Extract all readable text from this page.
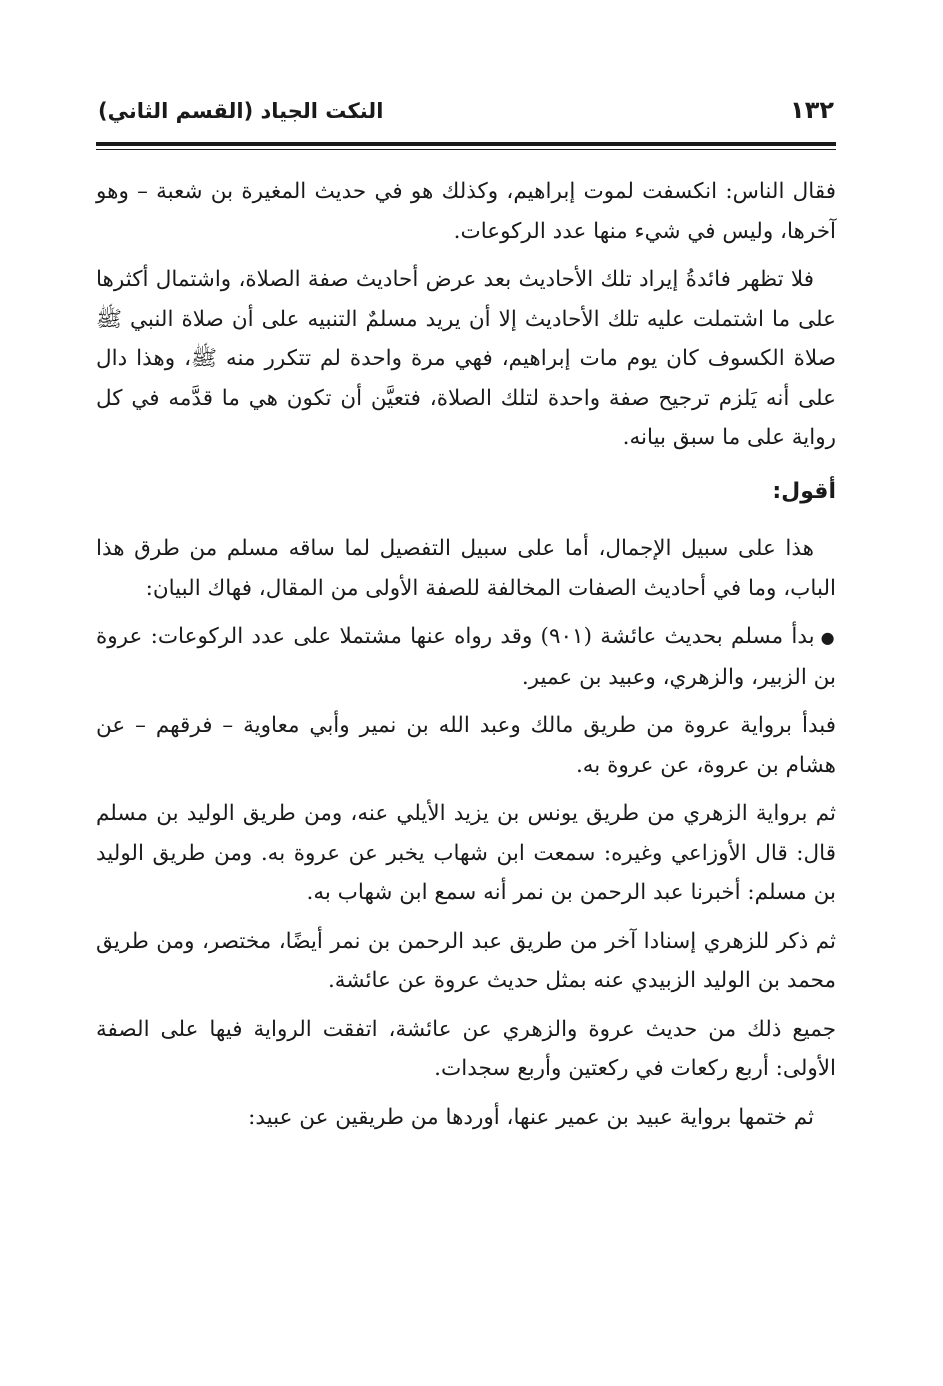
١٣٢
النكت الجياد (القسم الثاني)

فقال الناس: انكسفت لموت إبراهيم، وكذلك هو في حديث المغيرة بن شعبة – وهو آخرها، وليس في شيء منها عدد الركوعات.

فلا تظهر فائدةُ إيراد تلك الأحاديث بعد عرض أحاديث صفة الصلاة، واشتمال أكثرها على ما اشتملت عليه تلك الأحاديث إلا أن يريد مسلمٌ التنبيه على أن صلاة النبي ﷺ صلاة الكسوف كان يوم مات إبراهيم، فهي مرة واحدة لم تتكرر منه ﷺ، وهذا دال على أنه يَلزم ترجيح صفة واحدة لتلك الصلاة، فتعيَّن أن تكون هي ما قدَّمه في كل رواية على ما سبق بيانه.

أقول:

هذا على سبيل الإجمال، أما على سبيل التفصيل لما ساقه مسلم من طرق هذا الباب، وما في أحاديث الصفات المخالفة للصفة الأولى من المقال، فهاك البيان:

●بدأ مسلم بحديث عائشة (٩٠١) وقد رواه عنها مشتملا على عدد الركوعات: عروة بن الزبير، والزهري، وعبيد بن عمير.

فبدأ برواية عروة من طريق مالك وعبد الله بن نمير وأبي معاوية – فرقهم – عن هشام بن عروة، عن عروة به.

ثم برواية الزهري من طريق يونس بن يزيد الأيلي عنه، ومن طريق الوليد بن مسلم قال: قال الأوزاعي وغيره: سمعت ابن شهاب يخبر عن عروة به. ومن طريق الوليد بن مسلم: أخبرنا عبد الرحمن بن نمر أنه سمع ابن شهاب به.

ثم ذكر للزهري إسنادا آخر من طريق عبد الرحمن بن نمر أيضًا، مختصر، ومن طريق محمد بن الوليد الزبيدي عنه بمثل حديث عروة عن عائشة.

جميع ذلك من حديث عروة والزهري عن عائشة، اتفقت الرواية فيها على الصفة الأولى: أربع ركعات في ركعتين وأربع سجدات.

ثم ختمها برواية عبيد بن عمير عنها، أوردها من طريقين عن عبيد:
